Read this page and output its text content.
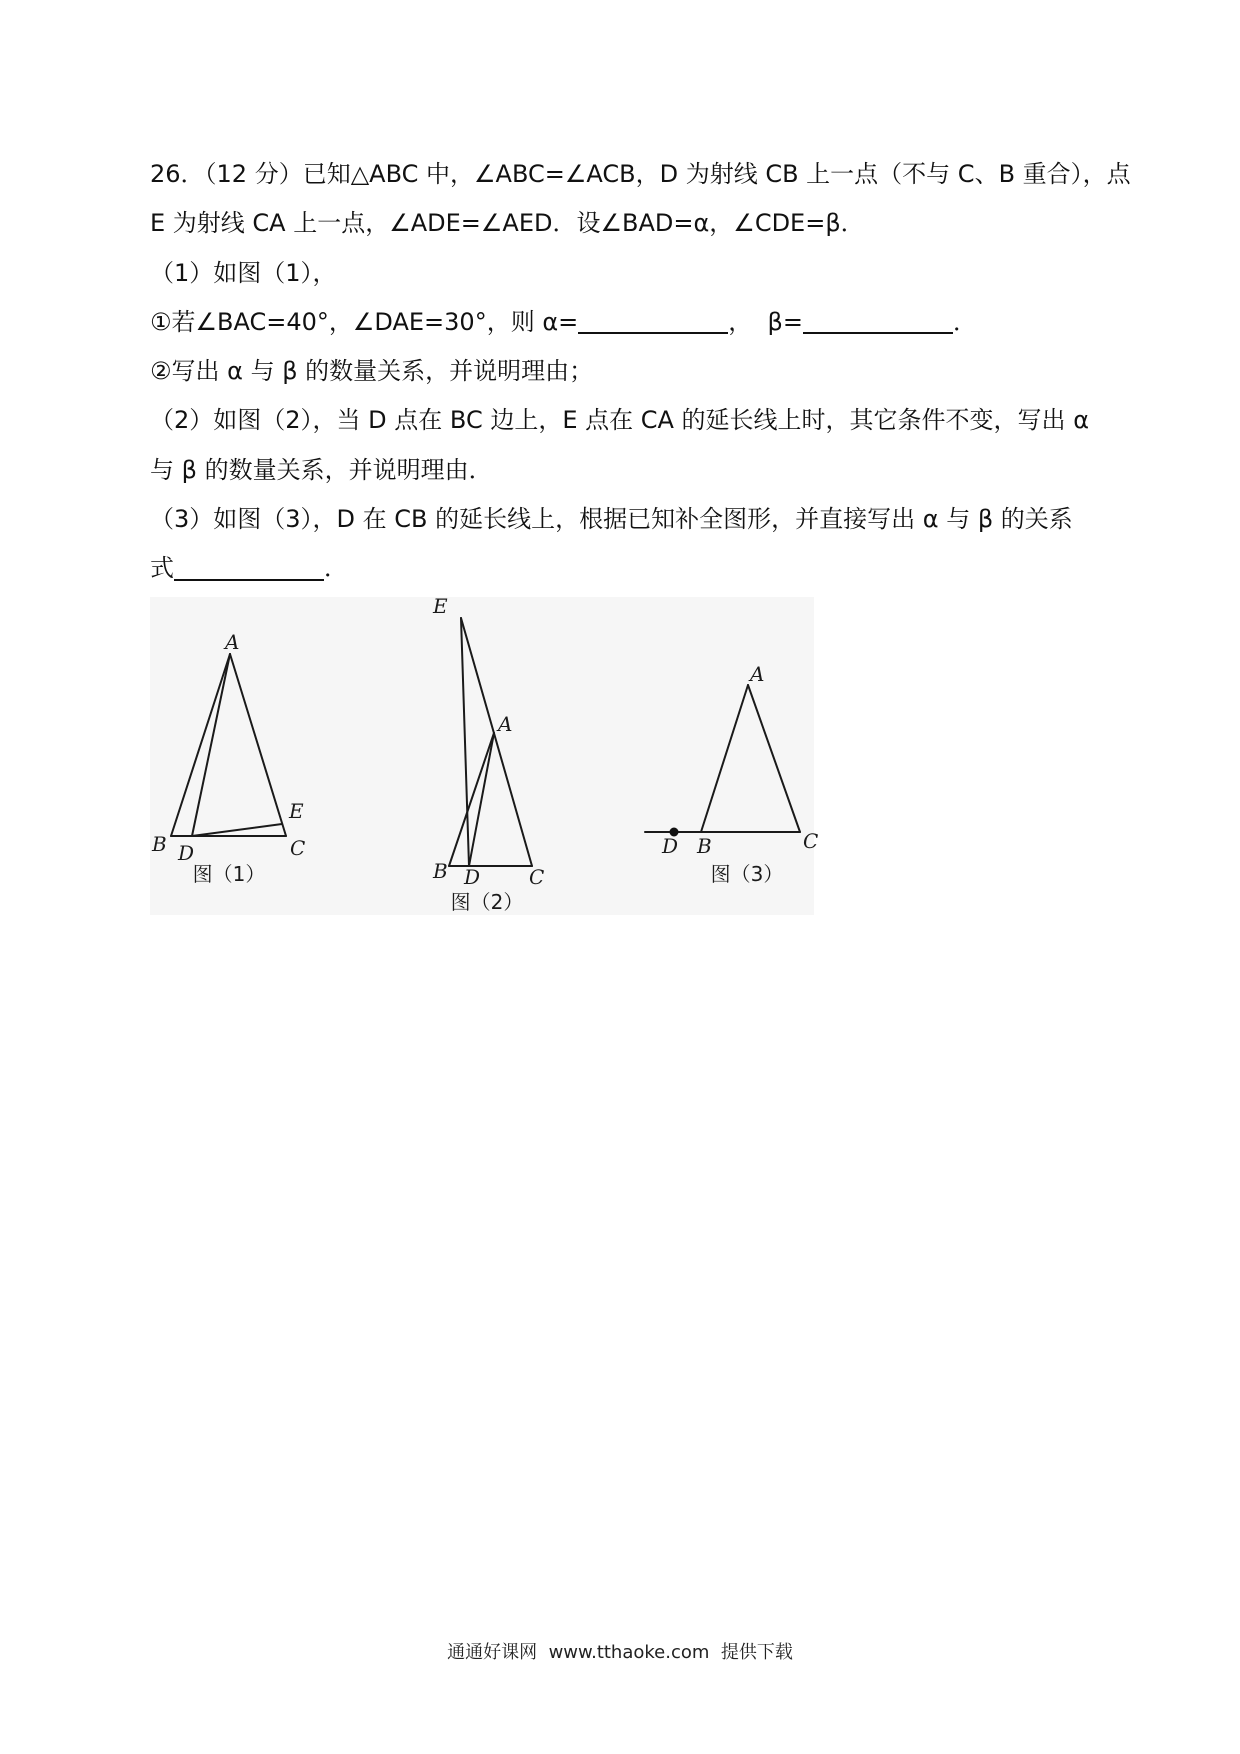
26．（12 分）已知△ABC 中，∠ABC=∠ACB，D 为射线 CB 上一点（不与 C、B 重合），点
E 为射线 CA 上一点，∠ADE=∠AED．设∠BAD=α，∠CDE=β．
（1）如图（1），
①若∠BAC=40°，∠DAE=30°，则 α=	，  β=	．
②写出 α 与 β 的数量关系，并说明理由；
（2）如图（2），当 D 点在 BC 边上，E 点在 CA 的延长线上时，其它条件不变，写出 α
与 β 的数量关系，并说明理由．
（3）如图（3），D 在 CB 的延长线上，根据已知补全图形，并直接写出 α 与 β 的关系
式	．
A
B	C
D
E
图（1）
A
B	C
D
E
图（2）
A
B	C
D
图（3）
通通好课网  www.tthaoke.com  提供下载
